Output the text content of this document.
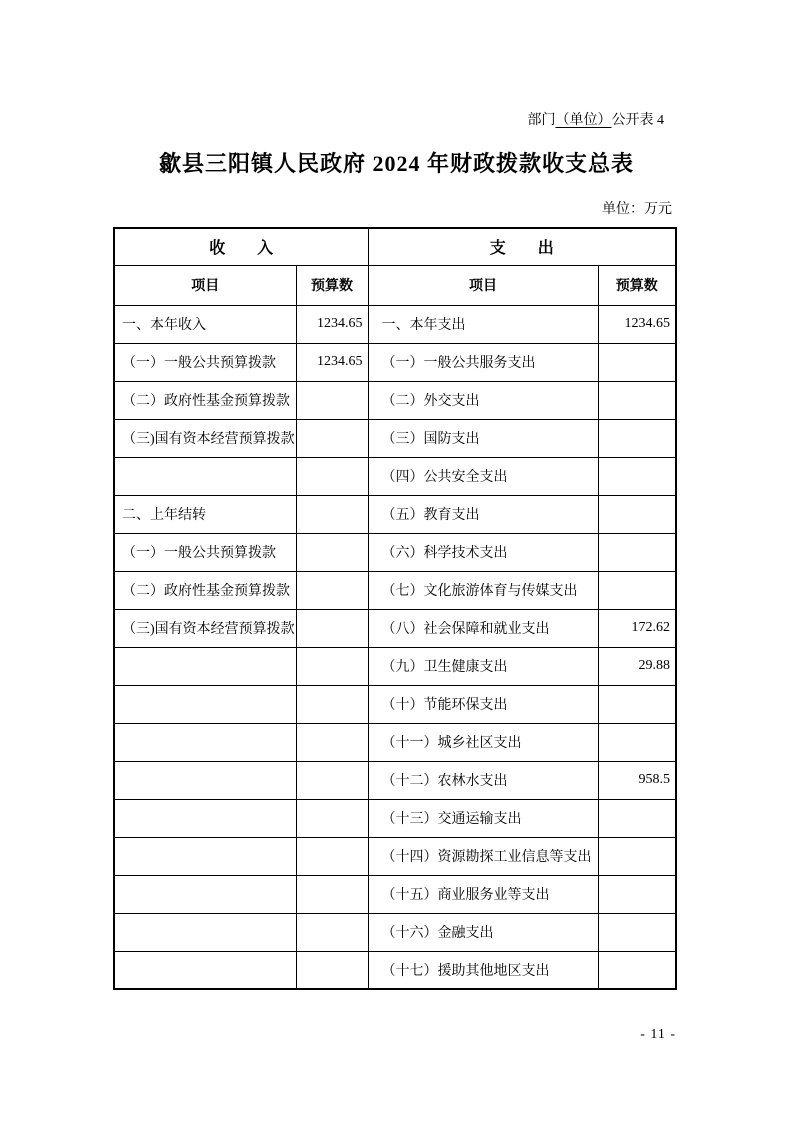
部门（单位）公开表 4
歙县三阳镇人民政府 2024 年财政拨款收支总表
单位：万元
收　　入		支　　出	
项目	预算数	项目	预算数
一、本年收入	1234.65	一、本年支出	1234.65
（一）一般公共预算拨款	1234.65	（一）一般公共服务支出	
（二）政府性基金预算拨款		（二）外交支出	
（三)国有资本经营预算拨款		（三）国防支出	
		（四）公共安全支出	
二、上年结转		（五）教育支出	
（一）一般公共预算拨款		（六）科学技术支出	
（二）政府性基金预算拨款		（七）文化旅游体育与传媒支出	
（三)国有资本经营预算拨款		（八）社会保障和就业支出	172.62
		（九）卫生健康支出	29.88
		（十）节能环保支出	
		（十一）城乡社区支出	
		（十二）农林水支出	958.5
		（十三）交通运输支出	
		（十四）资源勘探工业信息等支出	
		（十五）商业服务业等支出	
		（十六）金融支出	
		（十七）援助其他地区支出	
- 11 -
